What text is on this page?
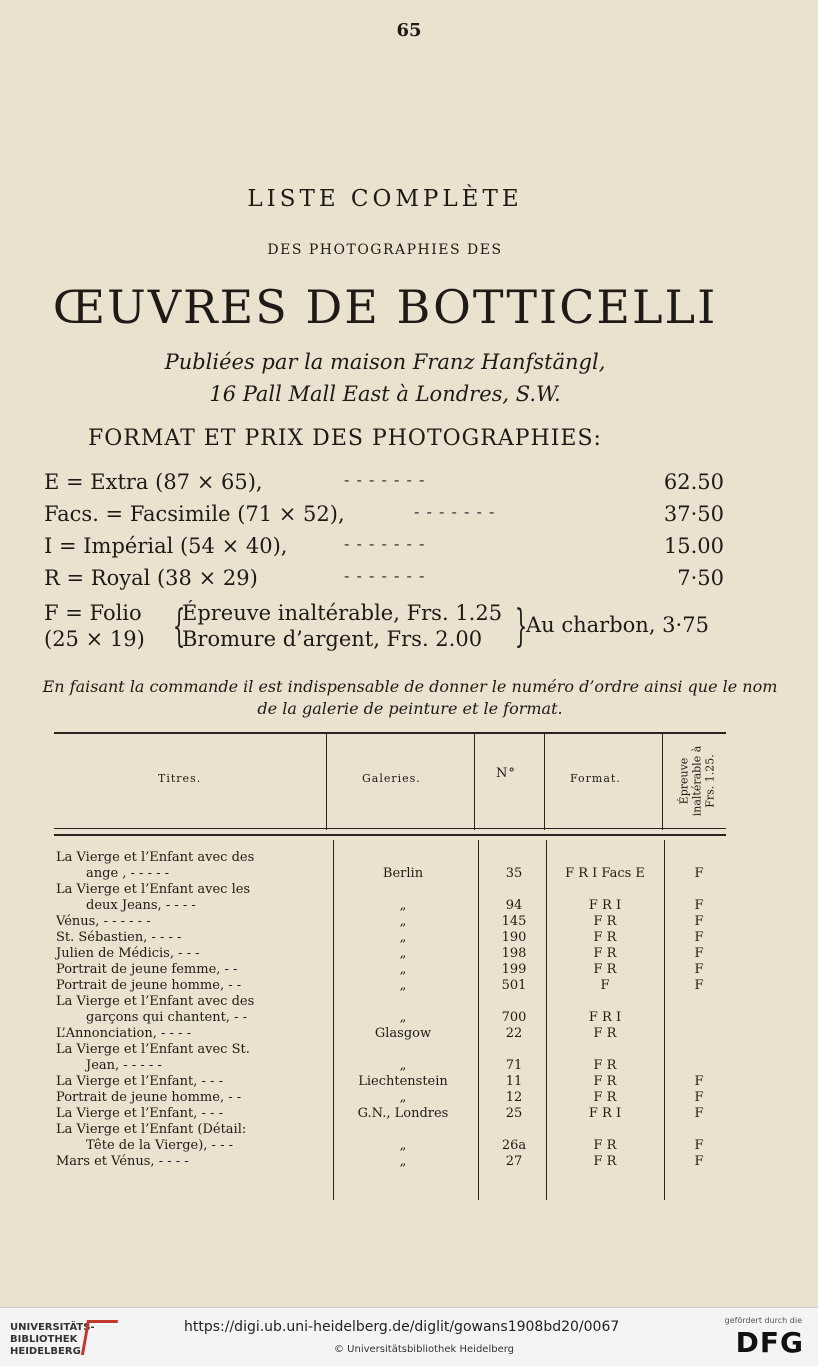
65
LISTE COMPLÈTE
DES PHOTOGRAPHIES DES
ŒUVRES DE BOTTICELLI
Publiées par la maison Franz Hanfstängl,
16 Pall Mall East à Londres, S.W.
FORMAT ET PRIX DES PHOTOGRAPHIES:
E = Extra (87 × 65),	- - - - - - -	62.50
Facs. = Facsimile (71 × 52),	- - - - - - -	37·50
I = Impérial (54 × 40),	- - - - - - -	15.00
R = Royal (38 × 29)	- - - - - - -	7·50
F = Folio
(25 × 19) {
Épreuve inaltérable, Frs. 1.25
Bromure d’argent, Frs. 2.00 }
Au charbon, 3·75
En faisant la commande il est indispensable de donner le numéro d’ordre ainsi que le nom de la galerie de peinture et le format.
Titres.	Galeries.	N°	Format.	Épreuve inaltérable à Frs. 1.25.
La Vierge et l’Enfant avec des
ange , - - - - -	Berlin	35	F R I Facs E	F
La Vierge et l’Enfant avec les
deux Jeans, - - - -	„	94	F R I	F
Vénus, - - - - - -	„	145	F R	F
St. Sébastien, - - - -	„	190	F R	F
Julien de Médicis, - - -	„	198	F R	F
Portrait de jeune femme, - -	„	199	F R	F
Portrait de jeune homme, - -	„	501	F	F
La Vierge et l’Enfant avec des
garçons qui chantent, - -	„	700	F R I
L’Annonciation, - - - -	Glasgow	22	F R
La Vierge et l’Enfant avec St.
Jean, - - - - -	„	71	F R
La Vierge et l’Enfant, - - -	Liechtenstein	11	F R	F
Portrait de jeune homme, - -	„	12	F R	F
La Vierge et l’Enfant, - - -	G.N., Londres	25	F R I	F
La Vierge et l’Enfant (Détail:
Tête de la Vierge), - - -	„	26a	F R	F
Mars et Vénus, - - - -	„	27	F R	F
UNIVERSITÄTS-
BIBLIOTHEK
HEIDELBERG
https://digi.ub.uni-heidelberg.de/diglit/gowans1908bd20/0067
© Universitätsbibliothek Heidelberg
gefördert durch die
DFG
